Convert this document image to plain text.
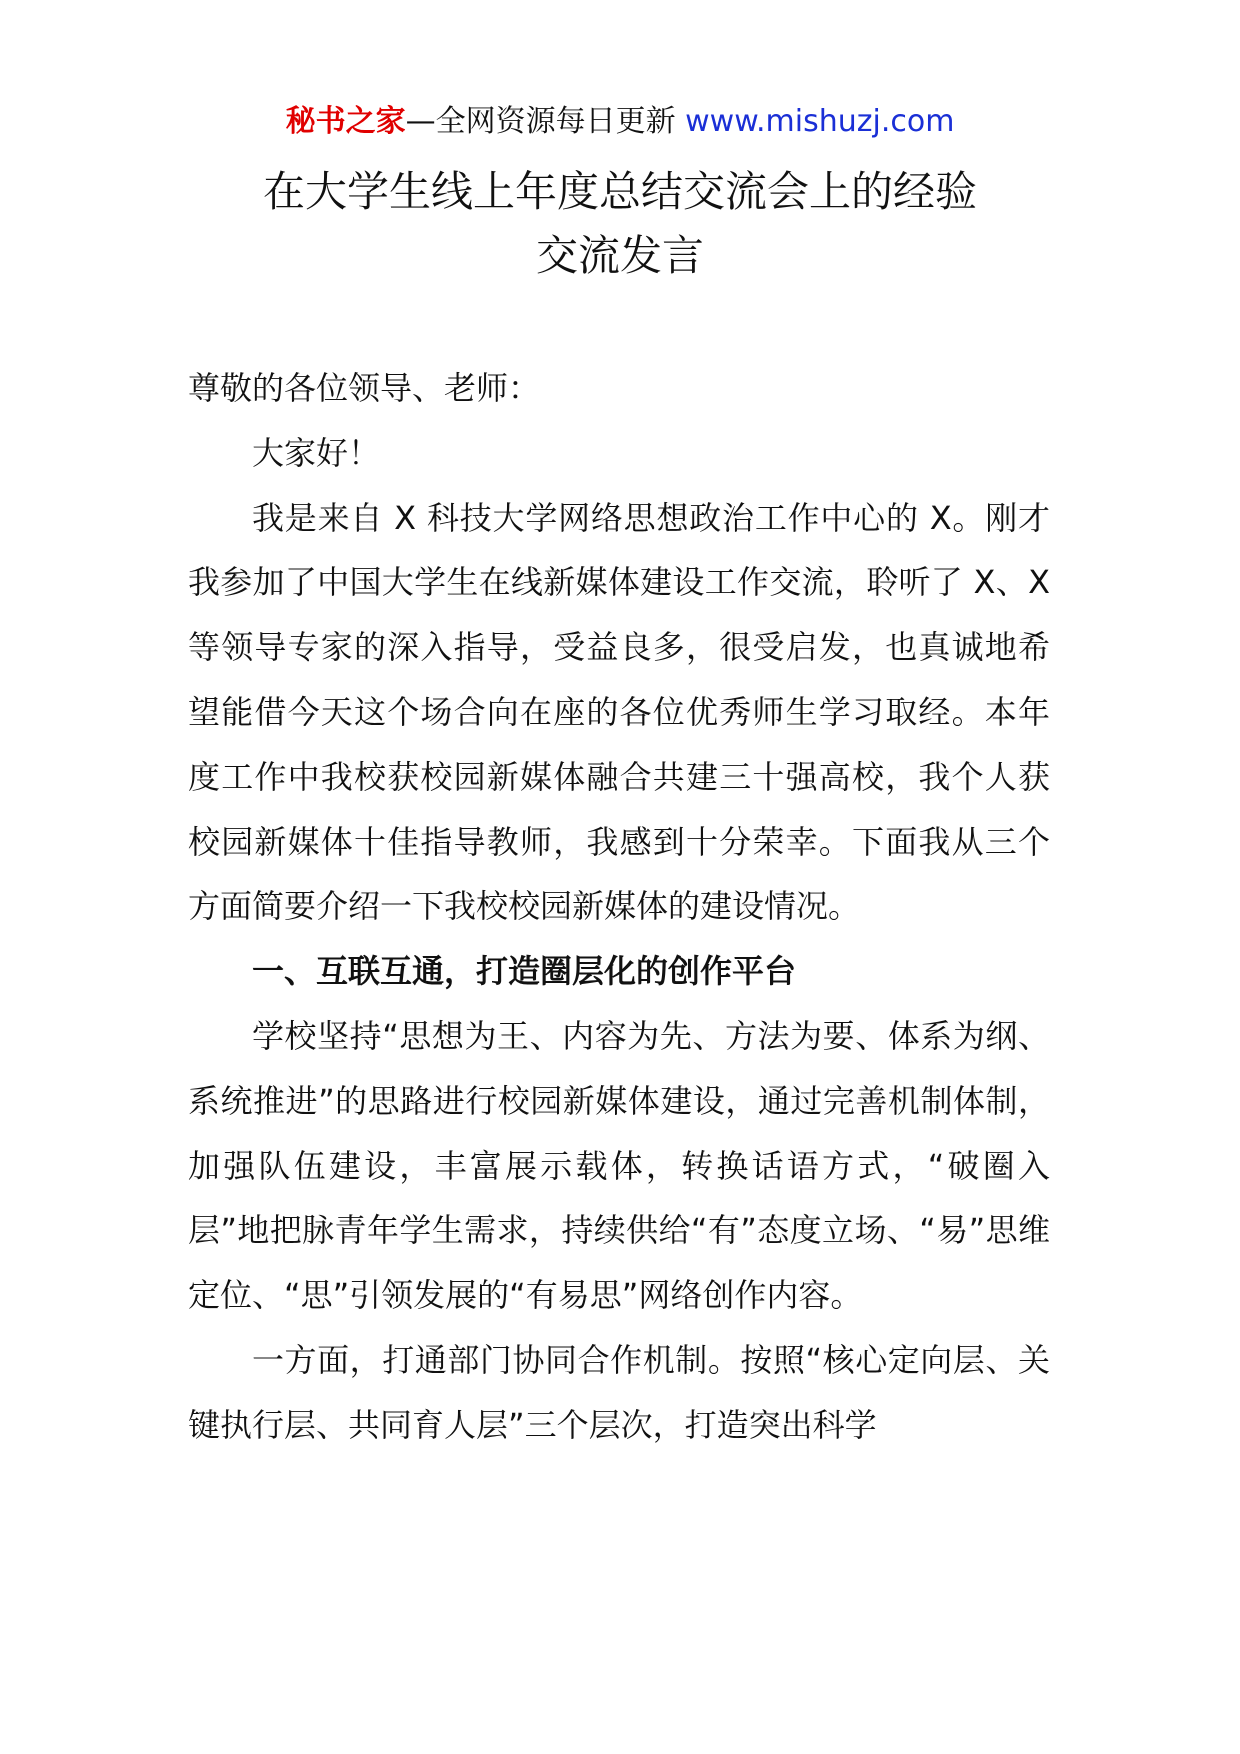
秘书之家—全网资源每日更新 www.mishuzj.com
在大学生线上年度总结交流会上的经验
交流发言

尊敬的各位领导、老师：

大家好！

我是来自 X 科技大学网络思想政治工作中心的 X。刚才我参加了中国大学生在线新媒体建设工作交流，聆听了 X、X 等领导专家的深入指导，受益良多，很受启发，也真诚地希望能借今天这个场合向在座的各位优秀师生学习取经。本年度工作中我校获校园新媒体融合共建三十强高校，我个人获校园新媒体十佳指导教师，我感到十分荣幸。下面我从三个方面简要介绍一下我校校园新媒体的建设情况。

一、互联互通，打造圈层化的创作平台

学校坚持“思想为王、内容为先、方法为要、体系为纲、系统推进”的思路进行校园新媒体建设，通过完善机制体制，加强队伍建设，丰富展示载体，转换话语方式，“破圈入层”地把脉青年学生需求，持续供给“有”态度立场、“易”思维定位、“思”引领发展的“有易思”网络创作内容。

一方面，打通部门协同合作机制。按照“核心定向层、关键执行层、共同育人层”三个层次，打造突出科学
